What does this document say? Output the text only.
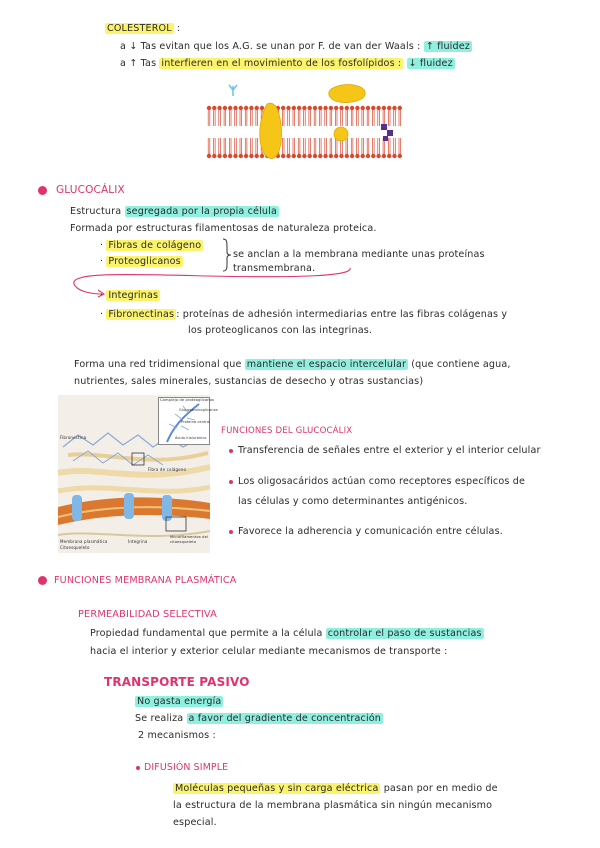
COLESTEROL :
a ↓ Tas evitan que los A.G. se unan por F. de van der Waals : ↑ fluidez
a ↑ Tas interfieren en el movimiento de los fosfolípidos : ↓ fluidez
GLUCOCÁLIX
Estructura segregada por la propia célula
Formada por estructuras filamentosas de naturaleza proteica.
· Fibras de colágeno
· Proteoglicanos
se anclan a la membrana mediante unas proteínas
transmembrana.
· Integrinas
· Fibronectinas : proteínas de adhesión intermediarias entre las fibras colágenas y
los proteoglicanos con las integrinas.
Forma una red tridimensional que mantiene el espacio intercelular (que contiene agua,
nutrientes, sales minerales, sustancias de desecho y otras sustancias)
Fibronectina
Membrana plasmática	Integrina
Fibra de colágeno
Microfilamentos del citoesqueleto
Citoesqueleto
Complejo de proteoglicanos
Glucosaminoglicanos
Proteína central
Ácido hialurónico
FUNCIONES DEL GLUCOCÁLIX
Transferencia de señales entre el exterior y el interior celular
Los oligosacáridos actúan como receptores específicos de
las células y como determinantes antigénicos.
Favorece la adherencia y comunicación entre células.
FUNCIONES MEMBRANA PLASMÁTICA
PERMEABILIDAD SELECTIVA
Propiedad fundamental que permite a la célula controlar el paso de sustancias
hacia el interior y exterior celular mediante mecanismos de transporte :
TRANSPORTE PASIVO
No gasta energía
Se realiza a favor del gradiente de concentración
2 mecanismos :
DIFUSIÓN SIMPLE
Moléculas pequeñas y sin carga eléctrica pasan por en medio de
la estructura de la membrana plasmática sin ningún mecanismo
especial.
